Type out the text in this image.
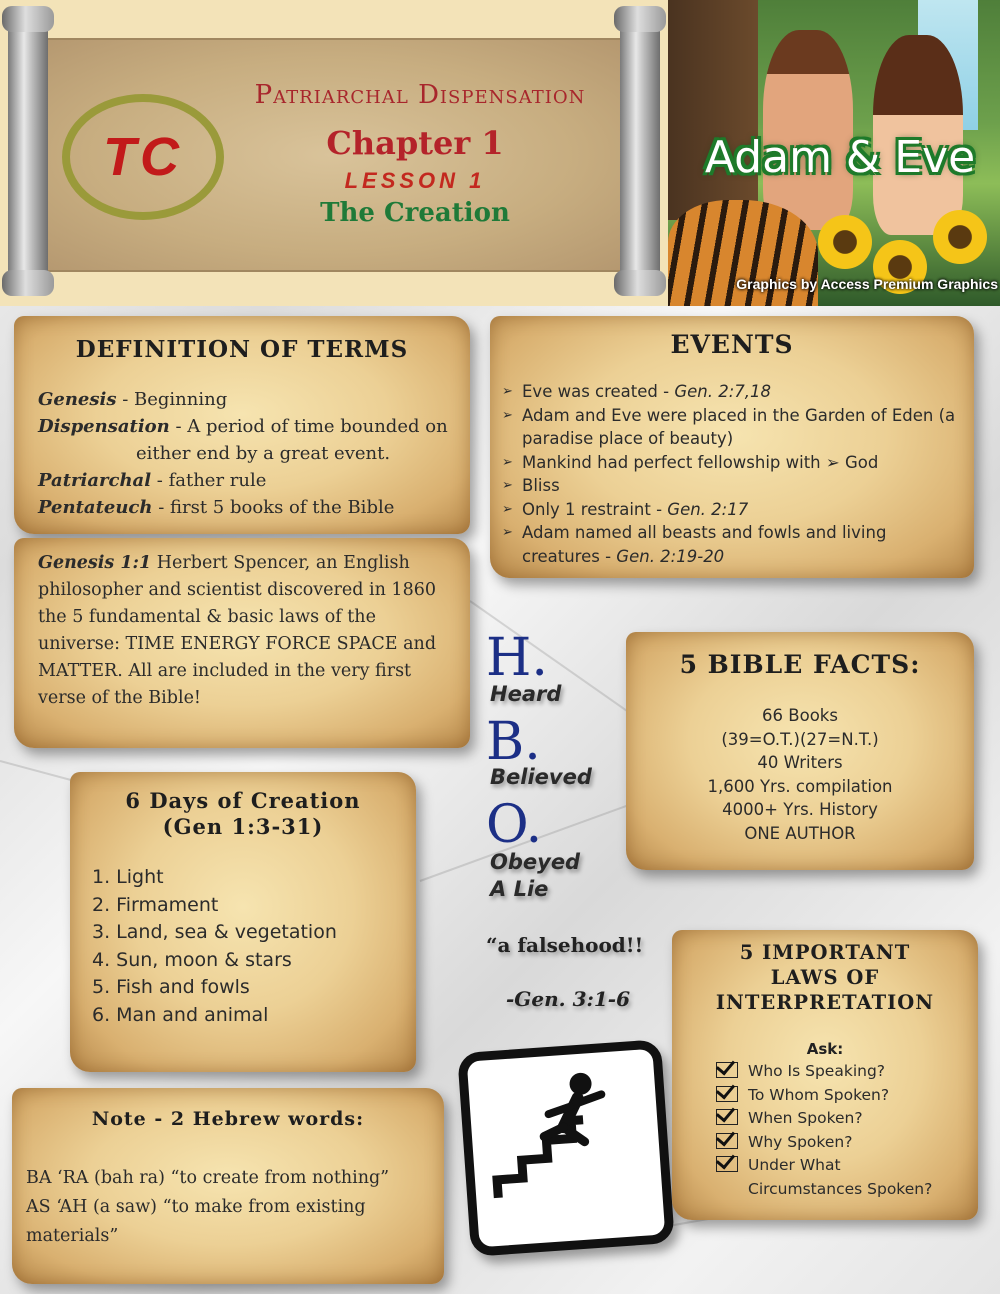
TC
Patriarchal Dispensation
Chapter 1
LESSON 1
The Creation
Adam & Eve
Graphics by Access Premium Graphics
DEFINITION OF TERMS
Genesis - Beginning
Dispensation - A period of time bounded on
either end by a great event.
Patriarchal - father rule
Pentateuch - first 5 books of the Bible
Genesis 1:1 Herbert Spencer, an English philosopher and scientist discovered in 1860 the 5 fundamental & basic laws of the universe: TIME ENERGY FORCE SPACE and MATTER. All are included in the very first verse of the Bible!
EVENTS
➢ Eve was created - Gen. 2:7,18
➢ Adam and Eve were placed in the Garden of Eden (a paradise place of beauty)
➢ Mankind had perfect fellowship with ➢ God
➢ Bliss
➢ Only 1 restraint - Gen. 2:17
➢ Adam named all beasts and fowls and living creatures - Gen. 2:19-20
H.
Heard
B.
Believed
O.
Obeyed
A Lie
“a falsehood!!
-Gen. 3:1-6
5 BIBLE FACTS:
66 Books
(39=O.T.)(27=N.T.)
40 Writers
1,600 Yrs. compilation
4000+ Yrs. History
ONE AUTHOR
6 Days of Creation
(Gen 1:3-31)
1. Light
2. Firmament
3. Land, sea & vegetation
4. Sun, moon & stars
5. Fish and fowls
6. Man and animal
Note - 2 Hebrew words:
BA ‘RA (bah ra) “to create from nothing”
AS ‘AH (a saw) “to make from existing materials”
5 IMPORTANT
LAWS OF
INTERPRETATION
Ask:
Who Is Speaking?
To Whom Spoken?
When Spoken?
Why Spoken?
Under What
Circumstances Spoken?
